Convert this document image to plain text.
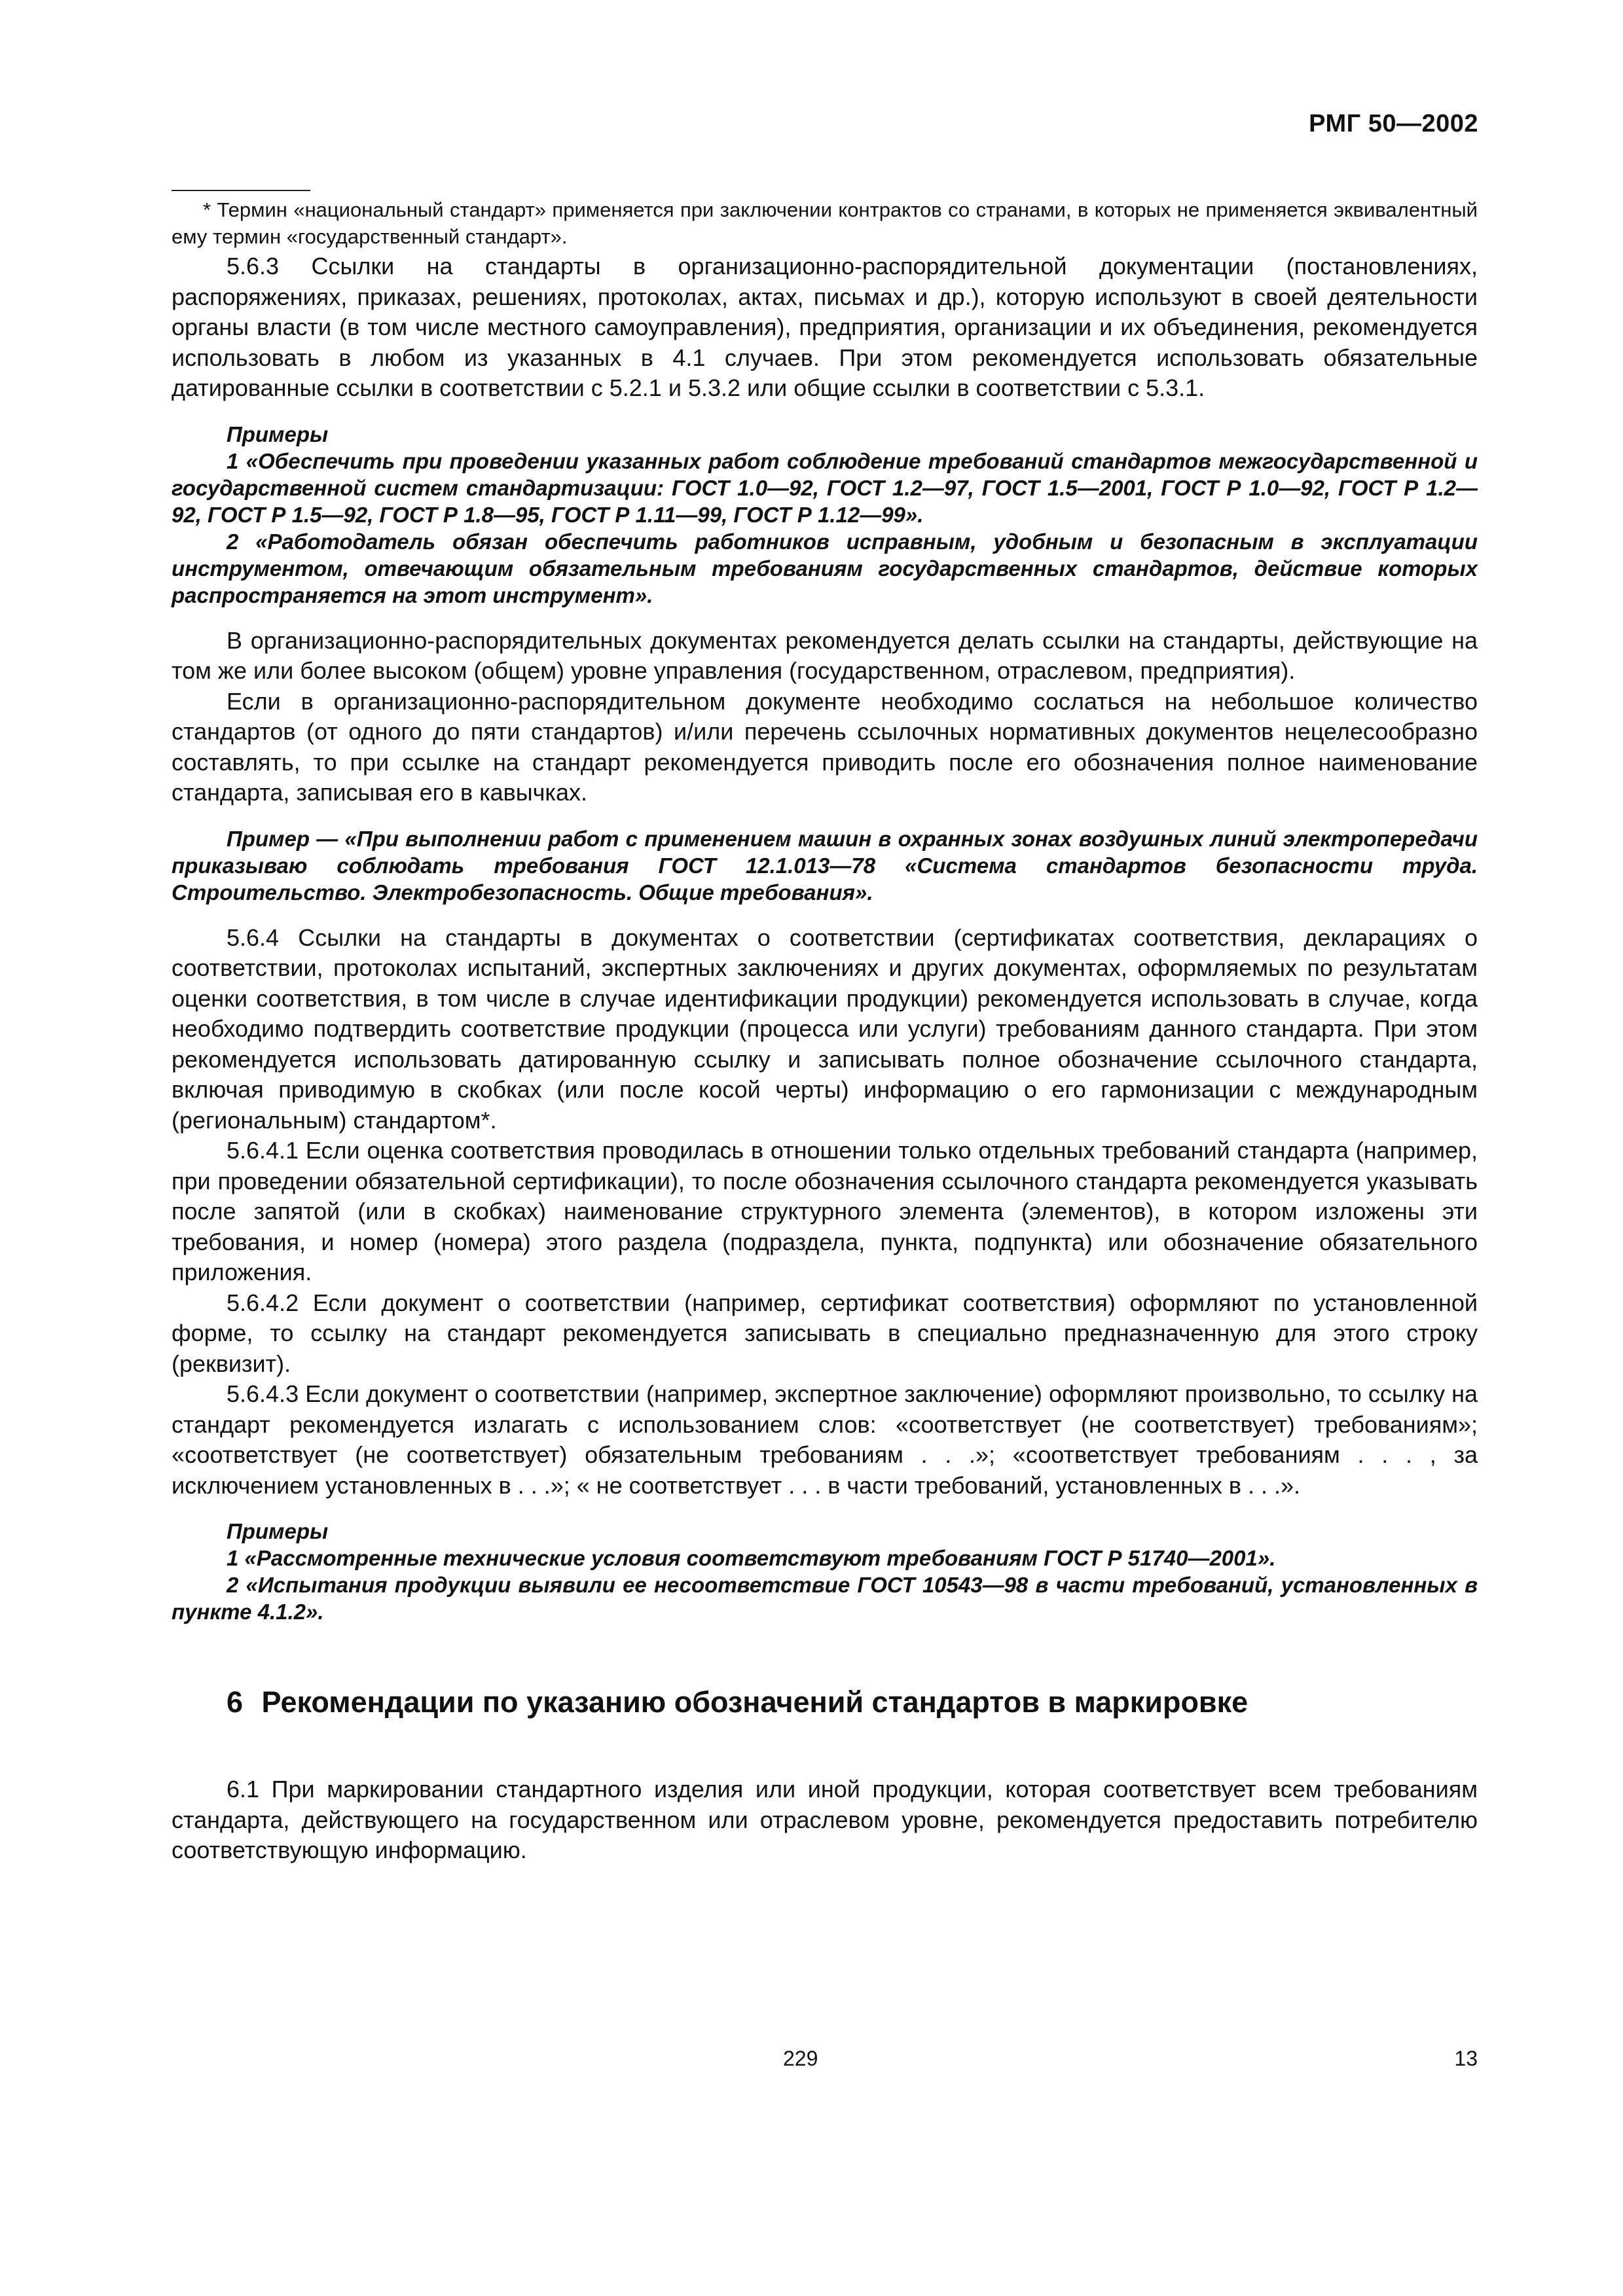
РМГ 50—2002

* Термин «национальный стандарт» применяется при заключении контрактов со странами, в которых не применяется эквивалентный ему термин «государственный стандарт».

5.6.3 Ссылки на стандарты в организационно-распорядительной документации (постановлениях, распоряжениях, приказах, решениях, протоколах, актах, письмах и др.), которую используют в своей деятельности органы власти (в том числе местного самоуправления), предприятия, организации и их объединения, рекомендуется использовать в любом из указанных в 4.1 случаев. При этом рекомендуется использовать обязательные датированные ссылки в соответствии с 5.2.1 и 5.3.2 или общие ссылки в соответствии с 5.3.1.

Примеры

1 «Обеспечить при проведении указанных работ соблюдение требований стандартов межгосударственной и государственной систем стандартизации: ГОСТ 1.0—92, ГОСТ 1.2—97, ГОСТ 1.5—2001, ГОСТ Р 1.0—92, ГОСТ Р 1.2—92, ГОСТ Р 1.5—92, ГОСТ Р 1.8—95, ГОСТ Р 1.11—99, ГОСТ Р 1.12—99».

2 «Работодатель обязан обеспечить работников исправным, удобным и безопасным в эксплуатации инструментом, отвечающим обязательным требованиям государственных стандартов, действие которых распространяется на этот инструмент».

В организационно-распорядительных документах рекомендуется делать ссылки на стандарты, действующие на том же или более высоком (общем) уровне управления (государственном, отраслевом, предприятия).

Если в организационно-распорядительном документе необходимо сослаться на небольшое количество стандартов (от одного до пяти стандартов) и/или перечень ссылочных нормативных документов нецелесообразно составлять, то при ссылке на стандарт рекомендуется приводить после его обозначения полное наименование стандарта, записывая его в кавычках.

Пример — «При выполнении работ с применением машин в охранных зонах воздушных линий электропередачи приказываю соблюдать требования ГОСТ 12.1.013—78 «Система стандартов безопасности труда. Строительство. Электробезопасность. Общие требования».

5.6.4 Ссылки на стандарты в документах о соответствии (сертификатах соответствия, декларациях о соответствии, протоколах испытаний, экспертных заключениях и других документах, оформляемых по результатам оценки соответствия, в том числе в случае идентификации продукции) рекомендуется использовать в случае, когда необходимо подтвердить соответствие продукции (процесса или услуги) требованиям данного стандарта. При этом рекомендуется использовать датированную ссылку и записывать полное обозначение ссылочного стандарта, включая приводимую в скобках (или после косой черты) информацию о его гармонизации с международным (региональным) стандартом*.

5.6.4.1 Если оценка соответствия проводилась в отношении только отдельных требований стандарта (например, при проведении обязательной сертификации), то после обозначения ссылочного стандарта рекомендуется указывать после запятой (или в скобках) наименование структурного элемента (элементов), в котором изложены эти требования, и номер (номера) этого раздела (подраздела, пункта, подпункта) или обозначение обязательного приложения.

5.6.4.2 Если документ о соответствии (например, сертификат соответствия) оформляют по установленной форме, то ссылку на стандарт рекомендуется записывать в специально предназначенную для этого строку (реквизит).

5.6.4.3 Если документ о соответствии (например, экспертное заключение) оформляют произвольно, то ссылку на стандарт рекомендуется излагать с использованием слов: «соответствует (не соответствует) требованиям»; «соответствует (не соответствует) обязательным требованиям . . .»; «соответствует требованиям . . . , за исключением установленных в . . .»; « не соответствует . . . в части требований, установленных в . . .».

Примеры

1 «Рассмотренные технические условия соответствуют требованиям ГОСТ Р 51740—2001».

2 «Испытания продукции выявили ее несоответствие ГОСТ 10543—98 в части требований, установленных в пункте 4.1.2».

6 Рекомендации по указанию обозначений стандартов в маркировке

6.1 При маркировании стандартного изделия или иной продукции, которая соответствует всем требованиям стандарта, действующего на государственном или отраслевом уровне, рекомендуется предоставить потребителю соответствующую информацию.

229	13
